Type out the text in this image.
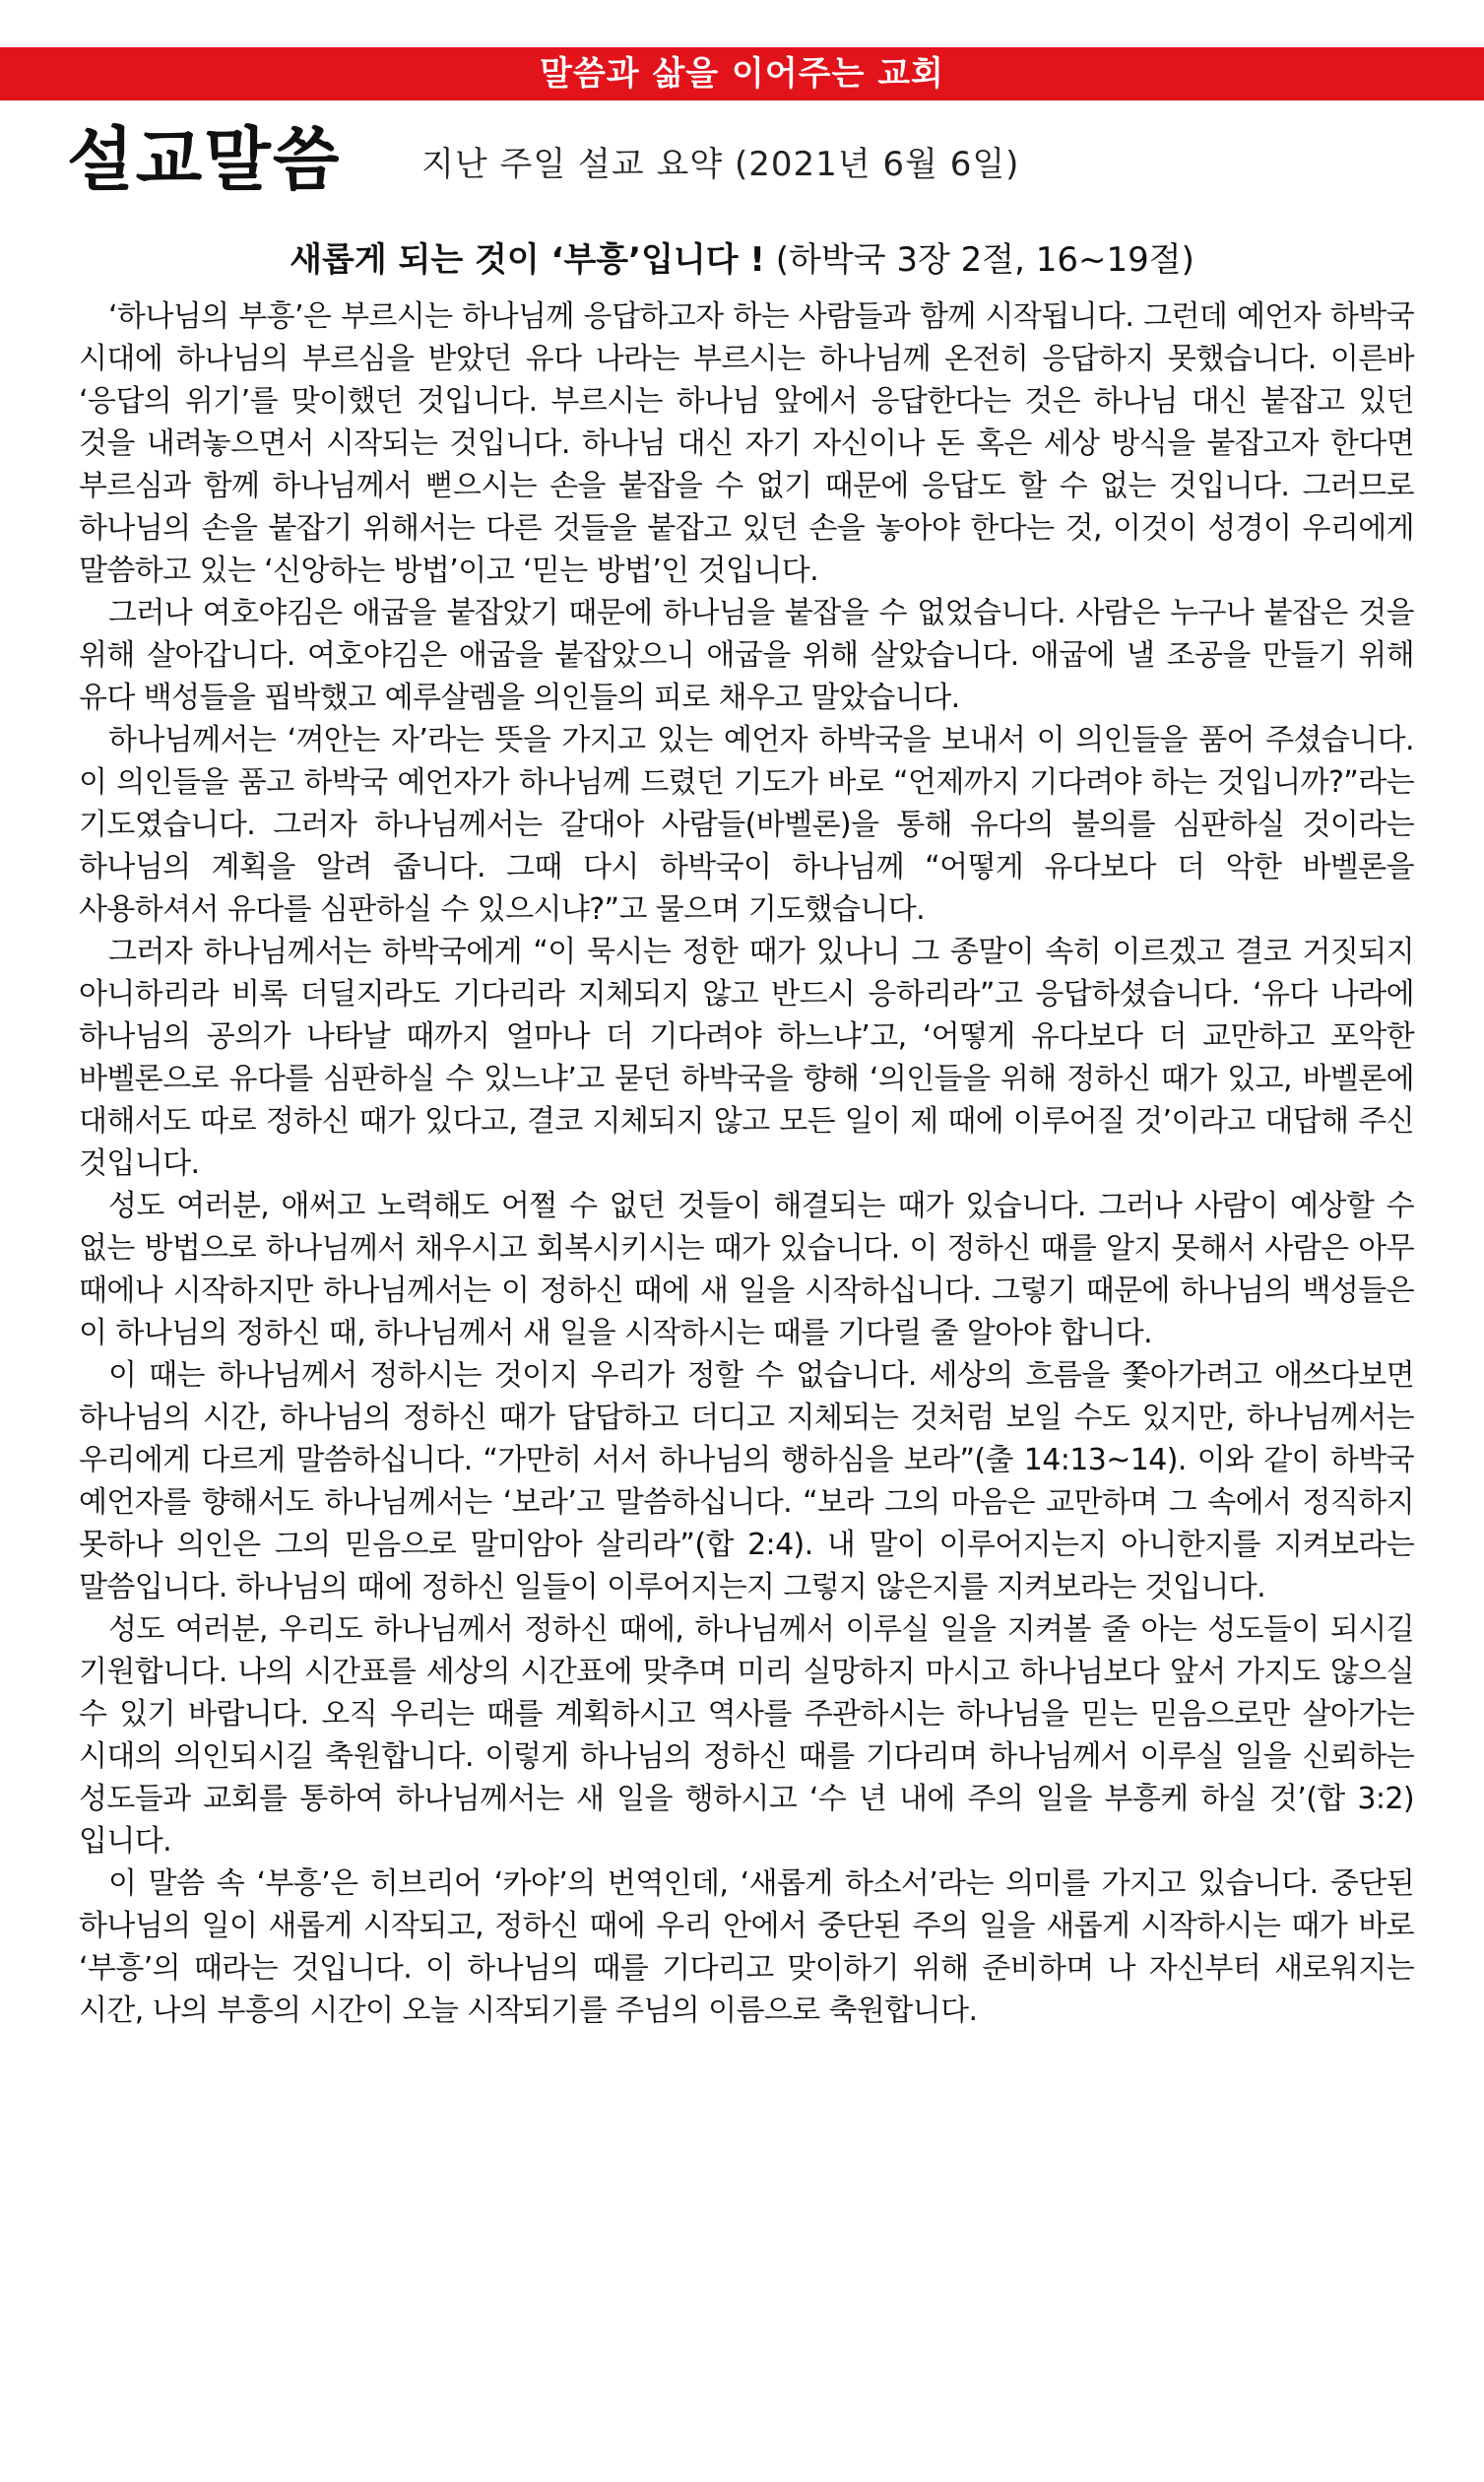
말씀과 삶을 이어주는 교회
설교말씀 지난 주일 설교 요약 (2021년 6월 6일)
새롭게 되는 것이 ‘부흥’입니다 ! (하박국 3장 2절, 16~19절)

‘하나님의 부흥’은 부르시는 하나님께 응답하고자 하는 사람들과 함께 시작됩니다. 그런데 예언자 하박국 시대에 하나님의 부르심을 받았던 유다 나라는 부르시는 하나님께 온전히 응답하지 못했습니다. 이른바 ‘응답의 위기’를 맞이했던 것입니다. 부르시는 하나님 앞에서 응답한다는 것은 하나님 대신 붙잡고 있던 것을 내려놓으면서 시작되는 것입니다. 하나님 대신 자기 자신이나 돈 혹은 세상 방식을 붙잡고자 한다면 부르심과 함께 하나님께서 뻗으시는 손을 붙잡을 수 없기 때문에 응답도 할 수 없는 것입니다. 그러므로 하나님의 손을 붙잡기 위해서는 다른 것들을 붙잡고 있던 손을 놓아야 한다는 것, 이것이 성경이 우리에게 말씀하고 있는 ‘신앙하는 방법’이고 ‘믿는 방법’인 것입니다.

그러나 여호야김은 애굽을 붙잡았기 때문에 하나님을 붙잡을 수 없었습니다. 사람은 누구나 붙잡은 것을 위해 살아갑니다. 여호야김은 애굽을 붙잡았으니 애굽을 위해 살았습니다. 애굽에 낼 조공을 만들기 위해 유다 백성들을 핍박했고 예루살렘을 의인들의 피로 채우고 말았습니다.

하나님께서는 ‘껴안는 자’라는 뜻을 가지고 있는 예언자 하박국을 보내서 이 의인들을 품어 주셨습니다. 이 의인들을 품고 하박국 예언자가 하나님께 드렸던 기도가 바로 “언제까지 기다려야 하는 것입니까?”라는 기도였습니다. 그러자 하나님께서는 갈대아 사람들(바벨론)을 통해 유다의 불의를 심판하실 것이라는 하나님의 계획을 알려 줍니다. 그때 다시 하박국이 하나님께 “어떻게 유다보다 더 악한 바벨론을 사용하셔서 유다를 심판하실 수 있으시냐?”고 물으며 기도했습니다.

그러자 하나님께서는 하박국에게 “이 묵시는 정한 때가 있나니 그 종말이 속히 이르겠고 결코 거짓되지 아니하리라 비록 더딜지라도 기다리라 지체되지 않고 반드시 응하리라”고 응답하셨습니다. ‘유다 나라에 하나님의 공의가 나타날 때까지 얼마나 더 기다려야 하느냐’고, ‘어떻게 유다보다 더 교만하고 포악한 바벨론으로 유다를 심판하실 수 있느냐’고 묻던 하박국을 향해 ‘의인들을 위해 정하신 때가 있고, 바벨론에 대해서도 따로 정하신 때가 있다고, 결코 지체되지 않고 모든 일이 제 때에 이루어질 것’이라고 대답해 주신 것입니다.

성도 여러분, 애써고 노력해도 어쩔 수 없던 것들이 해결되는 때가 있습니다. 그러나 사람이 예상할 수 없는 방법으로 하나님께서 채우시고 회복시키시는 때가 있습니다. 이 정하신 때를 알지 못해서 사람은 아무 때에나 시작하지만 하나님께서는 이 정하신 때에 새 일을 시작하십니다. 그렇기 때문에 하나님의 백성들은 이 하나님의 정하신 때, 하나님께서 새 일을 시작하시는 때를 기다릴 줄 알아야 합니다.

이 때는 하나님께서 정하시는 것이지 우리가 정할 수 없습니다. 세상의 흐름을 쫓아가려고 애쓰다보면 하나님의 시간, 하나님의 정하신 때가 답답하고 더디고 지체되는 것처럼 보일 수도 있지만, 하나님께서는 우리에게 다르게 말씀하십니다. “가만히 서서 하나님의 행하심을 보라”(출 14:13~14). 이와 같이 하박국 예언자를 향해서도 하나님께서는 ‘보라’고 말씀하십니다. “보라 그의 마음은 교만하며 그 속에서 정직하지 못하나 의인은 그의 믿음으로 말미암아 살리라”(합 2:4). 내 말이 이루어지는지 아니한지를 지켜보라는 말씀입니다. 하나님의 때에 정하신 일들이 이루어지는지 그렇지 않은지를 지켜보라는 것입니다.

성도 여러분, 우리도 하나님께서 정하신 때에, 하나님께서 이루실 일을 지켜볼 줄 아는 성도들이 되시길 기원합니다. 나의 시간표를 세상의 시간표에 맞추며 미리 실망하지 마시고 하나님보다 앞서 가지도 않으실 수 있기 바랍니다. 오직 우리는 때를 계획하시고 역사를 주관하시는 하나님을 믿는 믿음으로만 살아가는 시대의 의인되시길 축원합니다. 이렇게 하나님의 정하신 때를 기다리며 하나님께서 이루실 일을 신뢰하는 성도들과 교회를 통하여 하나님께서는 새 일을 행하시고 ‘수 년 내에 주의 일을 부흥케 하실 것’(합 3:2)입니다.

이 말씀 속 ‘부흥’은 히브리어 ‘카야’의 번역인데, ‘새롭게 하소서’라는 의미를 가지고 있습니다. 중단된 하나님의 일이 새롭게 시작되고, 정하신 때에 우리 안에서 중단된 주의 일을 새롭게 시작하시는 때가 바로 ‘부흥’의 때라는 것입니다. 이 하나님의 때를 기다리고 맞이하기 위해 준비하며 나 자신부터 새로워지는 시간, 나의 부흥의 시간이 오늘 시작되기를 주님의 이름으로 축원합니다.
